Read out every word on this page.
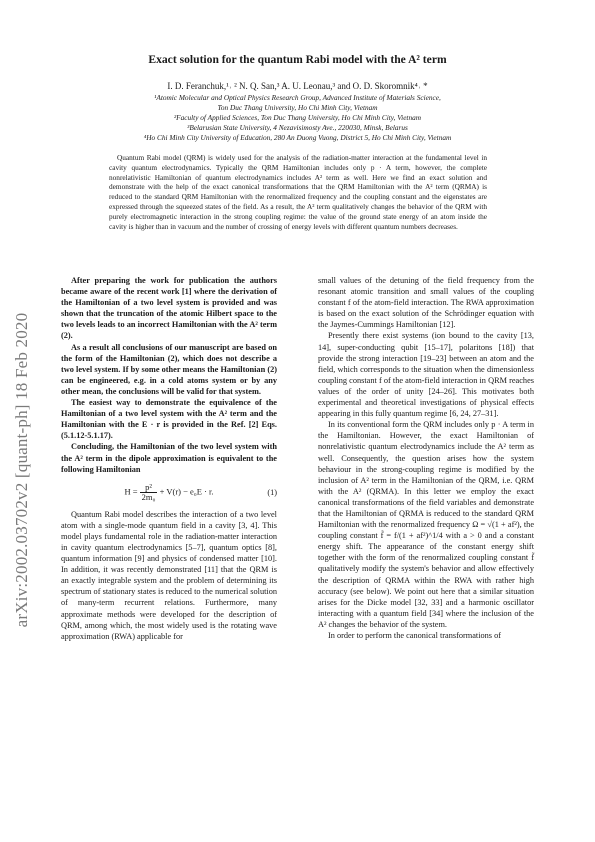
arXiv:2002.03702v2 [quant-ph] 18 Feb 2020
Exact solution for the quantum Rabi model with the A² term
I. D. Feranchuk,¹˒ ² N. Q. San,³ A. U. Leonau,³ and O. D. Skoromnik⁴˒ *
¹Atomic Molecular and Optical Physics Research Group, Advanced Institute of Materials Science,
Ton Duc Thang University, Ho Chi Minh City, Vietnam
²Faculty of Applied Sciences, Ton Duc Thang University, Ho Chi Minh City, Vietnam
³Belarusian State University, 4 Nezavisimosty Ave., 220030, Minsk, Belarus
⁴Ho Chi Minh City University of Education, 280 An Duong Vuong, District 5, Ho Chi Minh City, Vietnam
Quantum Rabi model (QRM) is widely used for the analysis of the radiation-matter interaction at the fundamental level in cavity quantum electrodynamics. Typically the QRM Hamiltonian includes only p · A term, however, the complete nonrelativistic Hamiltonian of quantum electrodynamics includes A² term as well. Here we find an exact solution and demonstrate with the help of the exact canonical transformations that the QRM Hamiltonian with the A² term (QRMA) is reduced to the standard QRM Hamiltonian with the renormalized frequency and the coupling constant and the eigenstates are expressed through the squeezed states of the field. As a result, the A² term qualitatively changes the behavior of the QRM with purely electromagnetic interaction in the strong coupling regime: the value of the ground state energy of an atom inside the cavity is higher than in vacuum and the number of crossing of energy levels with different quantum numbers decreases.

After preparing the work for publication the authors became aware of the recent work [1] where the derivation of the Hamiltonian of a two level system is provided and was shown that the truncation of the atomic Hilbert space to the two levels leads to an incorrect Hamiltonian with the A² term (2).

As a result all conclusions of our manuscript are based on the form of the Hamiltonian (2), which does not describe a two level system. If by some other means the Hamiltonian (2) can be engineered, e.g. in a cold atoms system or by any other mean, the conclusions will be valid for that system.

The easiest way to demonstrate the equivalence of the Hamiltonian of a two level system with the A² term and the Hamiltonian with the E · r is provided in the Ref. [2] Eqs. (5.1.12-5.1.17).

Concluding, the Hamiltonian of the two level system with the A² term in the dipole approximation is equivalent to the following Hamiltonian

$H = \frac{\text{p²}}{\text{2m₀}} + V(r) - e_0E \cdot r$.	(1)

Quantum Rabi model describes the interaction of a two level atom with a single-mode quantum field in a cavity [3, 4]. This model plays fundamental role in the radiation-matter interaction in cavity quantum electrodynamics [5–7], quantum optics [8], quantum information [9] and physics of condensed matter [10]. In addition, it was recently demonstrated [11] that the QRM is an exactly integrable system and the problem of determining its spectrum of stationary states is reduced to the numerical solution of many-term recurrent relations. Furthermore, many approximate methods were developed for the description of QRM, among which, the most widely used is the rotating wave approximation (RWA) applicable for

small values of the detuning of the field frequency from the resonant atomic transition and small values of the coupling constant f of the atom-field interaction. The RWA approximation is based on the exact solution of the Schrödinger equation with the Jaymes-Cummings Hamiltonian [12].

Presently there exist systems (ion bound to the cavity [13, 14], super-conducting qubit [15–17], polaritons [18]) that provide the strong interaction [19–23] between an atom and the field, which corresponds to the situation when the dimensionless coupling constant f of the atom-field interaction in QRM reaches values of the order of unity [24–26]. This motivates both experimental and theoretical investigations of physical effects appearing in this fully quantum regime [6, 24, 27–31].

In its conventional form the QRM includes only p · A term in the Hamiltonian. However, the exact Hamiltonian of nonrelativistic quantum electrodynamics include the A² term as well. Consequently, the question arises how the system behaviour in the strong-coupling regime is modified by the inclusion of A² term in the Hamiltonian of the QRM, i.e. QRM with the A² (QRMA). In this letter we employ the exact canonical transformations of the field variables and demonstrate that the Hamiltonian of QRMA is reduced to the standard QRM Hamiltonian with the renormalized frequency Ω = √(1 + af²), the coupling constant f̃ = f/(1 + af²)^1/4 with a > 0 and a constant energy shift. The appearance of the constant energy shift together with the form of the renormalized coupling constant f̃ qualitatively modify the system's behavior and allow effectively the description of QRMA within the RWA with rather high accuracy (see below). We point out here that a similar situation arises for the Dicke model [32, 33] and a harmonic oscillator interacting with a quantum field [34] where the inclusion of the A² changes the behavior of the system.

In order to perform the canonical transformations of
